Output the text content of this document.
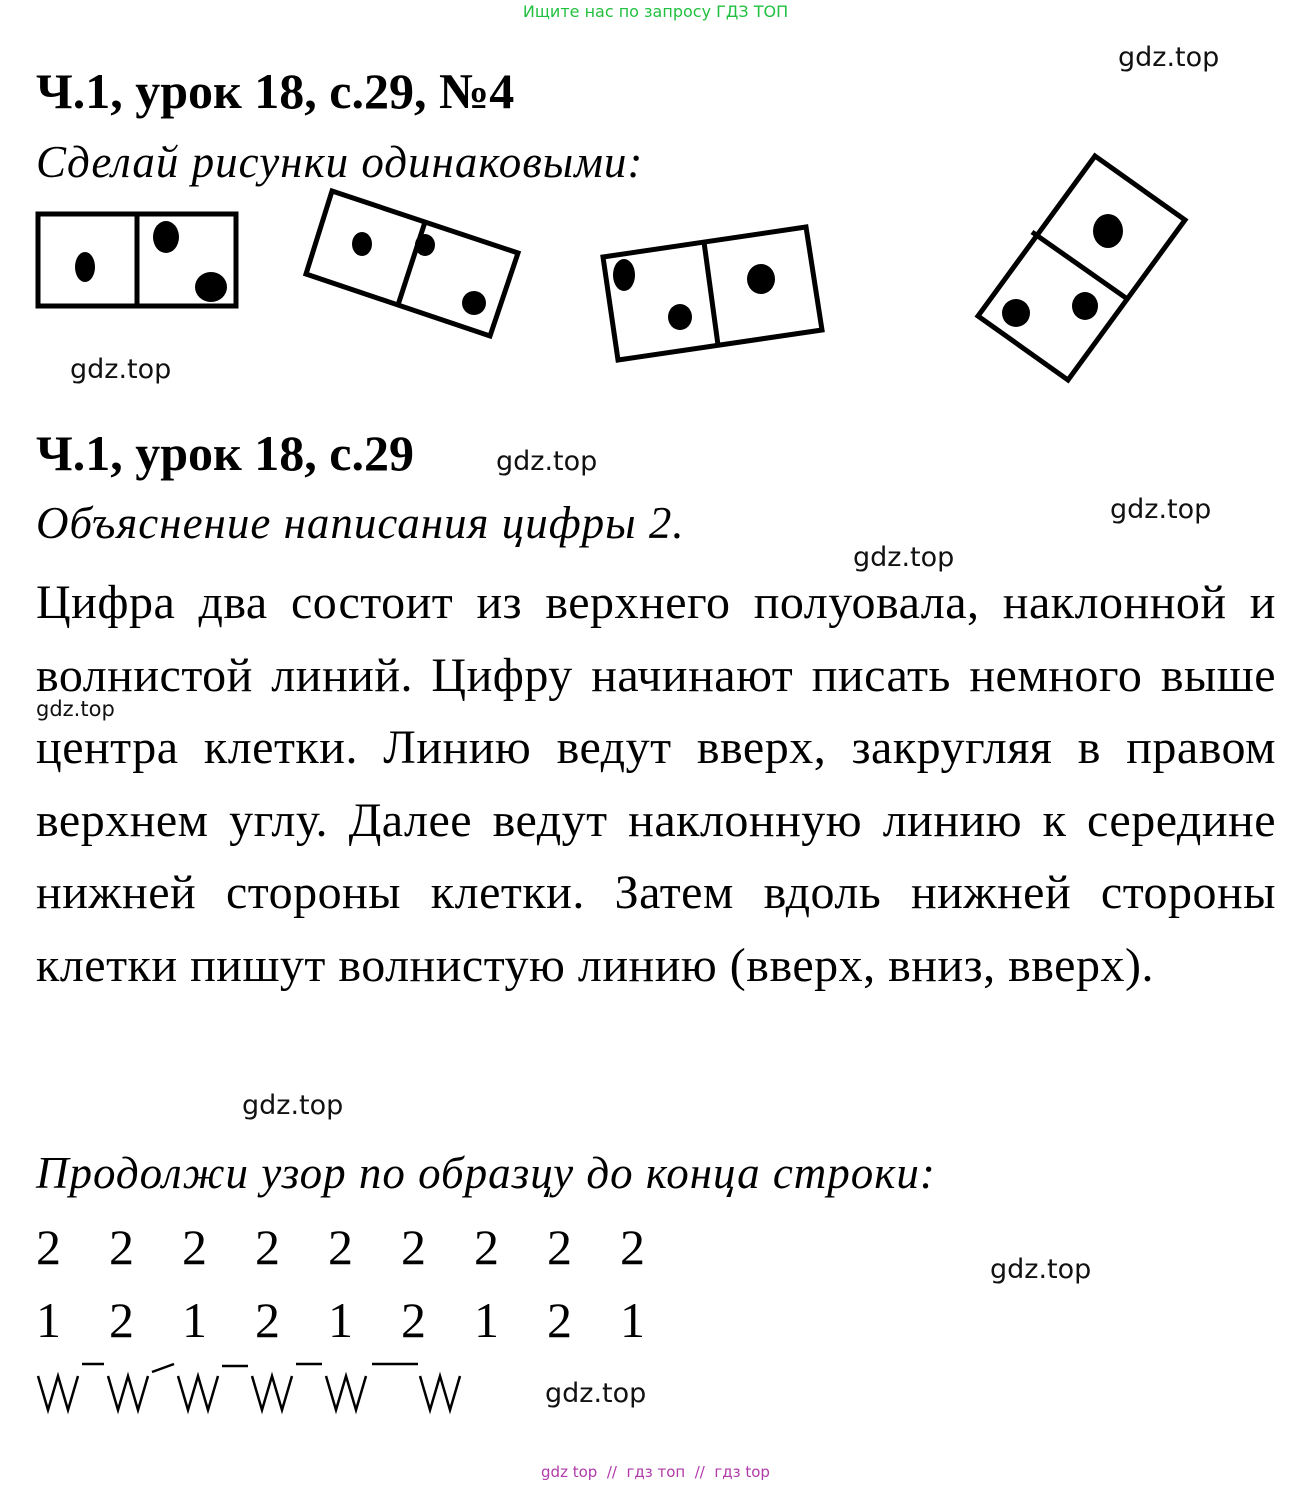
Ищите нас по запросу ГДЗ ТОП
Ч.1, урок 18, с.29, №4
gdz.top
Сделай рисунки одинаковыми:
gdz.top
Ч.1, урок 18, с.29	gdz.top
gdz.top
Объяснение написания цифры 2.
gdz.top
Цифра два состоит из верхнего полуовала, наклонной и волнистой линий. Цифру начинают писать немного выше центра клетки. Линию ведут вверх, закругляя в правом верхнем углу. Далее ведут наклонную линию к середине нижней стороны клетки. Затем вдоль нижней стороны клетки пишут волнистую линию (вверх, вниз, вверх).
gdz.top
gdz.top
Продолжи узор по образцу до конца строки:
2 2 2 2 2 2 2 2 2	gdz.top
1 2 1 2 1 2 1 2 1
gdz.top
gdz top  //  гдз топ  //  гдз top
